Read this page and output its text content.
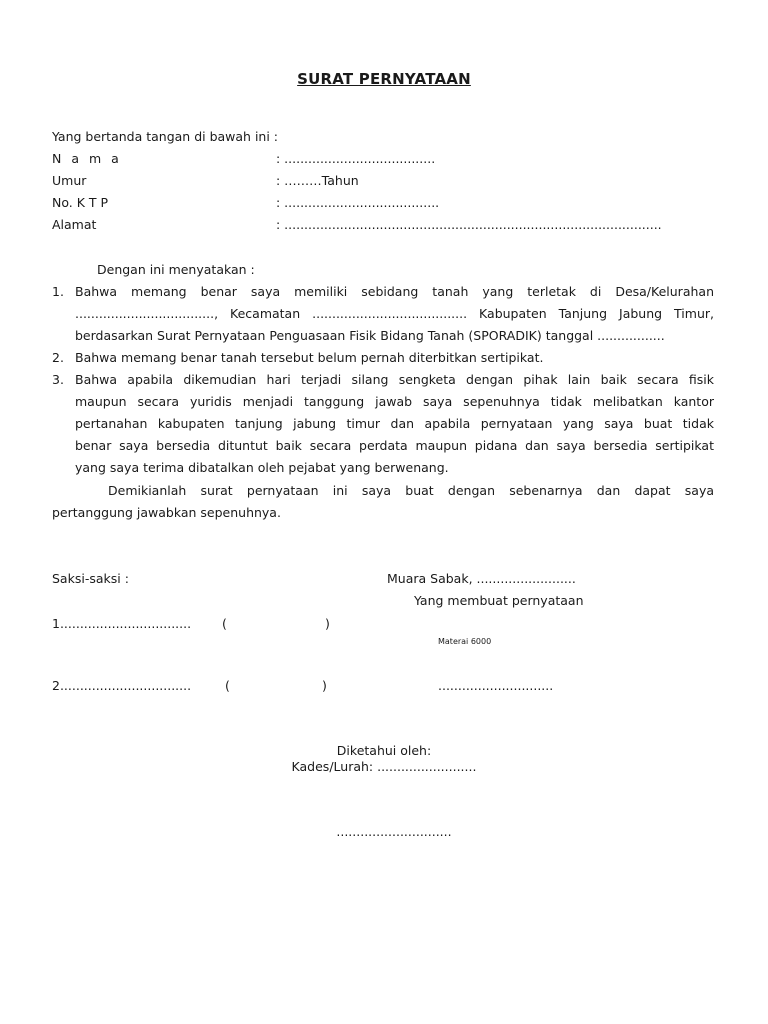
SURAT PERNYATAAN
Yang bertanda tangan di bawah ini :
N a m a	: ......................................
Umur	: ………Tahun
No. K T P	: .......................................
Alamat	: ...............................................................................................
Dengan ini menyatakan :
1. Bahwa memang benar saya memiliki sebidang tanah yang terletak di Desa/Kelurahan
..................................., Kecamatan ....................................... Kabupaten Tanjung Jabung Timur,
berdasarkan Surat Pernyataan Penguasaan Fisik Bidang Tanah (SPORADIK) tanggal .................
2. Bahwa memang benar tanah tersebut belum pernah diterbitkan sertipikat.
3. Bahwa apabila dikemudian hari terjadi silang sengketa dengan pihak lain baik secara fisik
maupun secara yuridis menjadi tanggung jawab saya sepenuhnya tidak melibatkan kantor
pertanahan kabupaten tanjung jabung timur dan apabila pernyataan yang saya buat tidak
benar saya bersedia dituntut baik secara perdata maupun pidana dan saya bersedia sertipikat
yang saya terima dibatalkan oleh pejabat yang berwenang.
Demikianlah surat pernyataan ini saya buat dengan sebenarnya dan dapat saya
pertanggung jawabkan sepenuhnya.
Saksi-saksi :	Muara Sabak, .........................
Yang membuat pernyataan
1................................. (	)
Materai 6000
2.................................	(	)	.............................
Diketahui oleh:
Kades/Lurah: .........................
.............................
